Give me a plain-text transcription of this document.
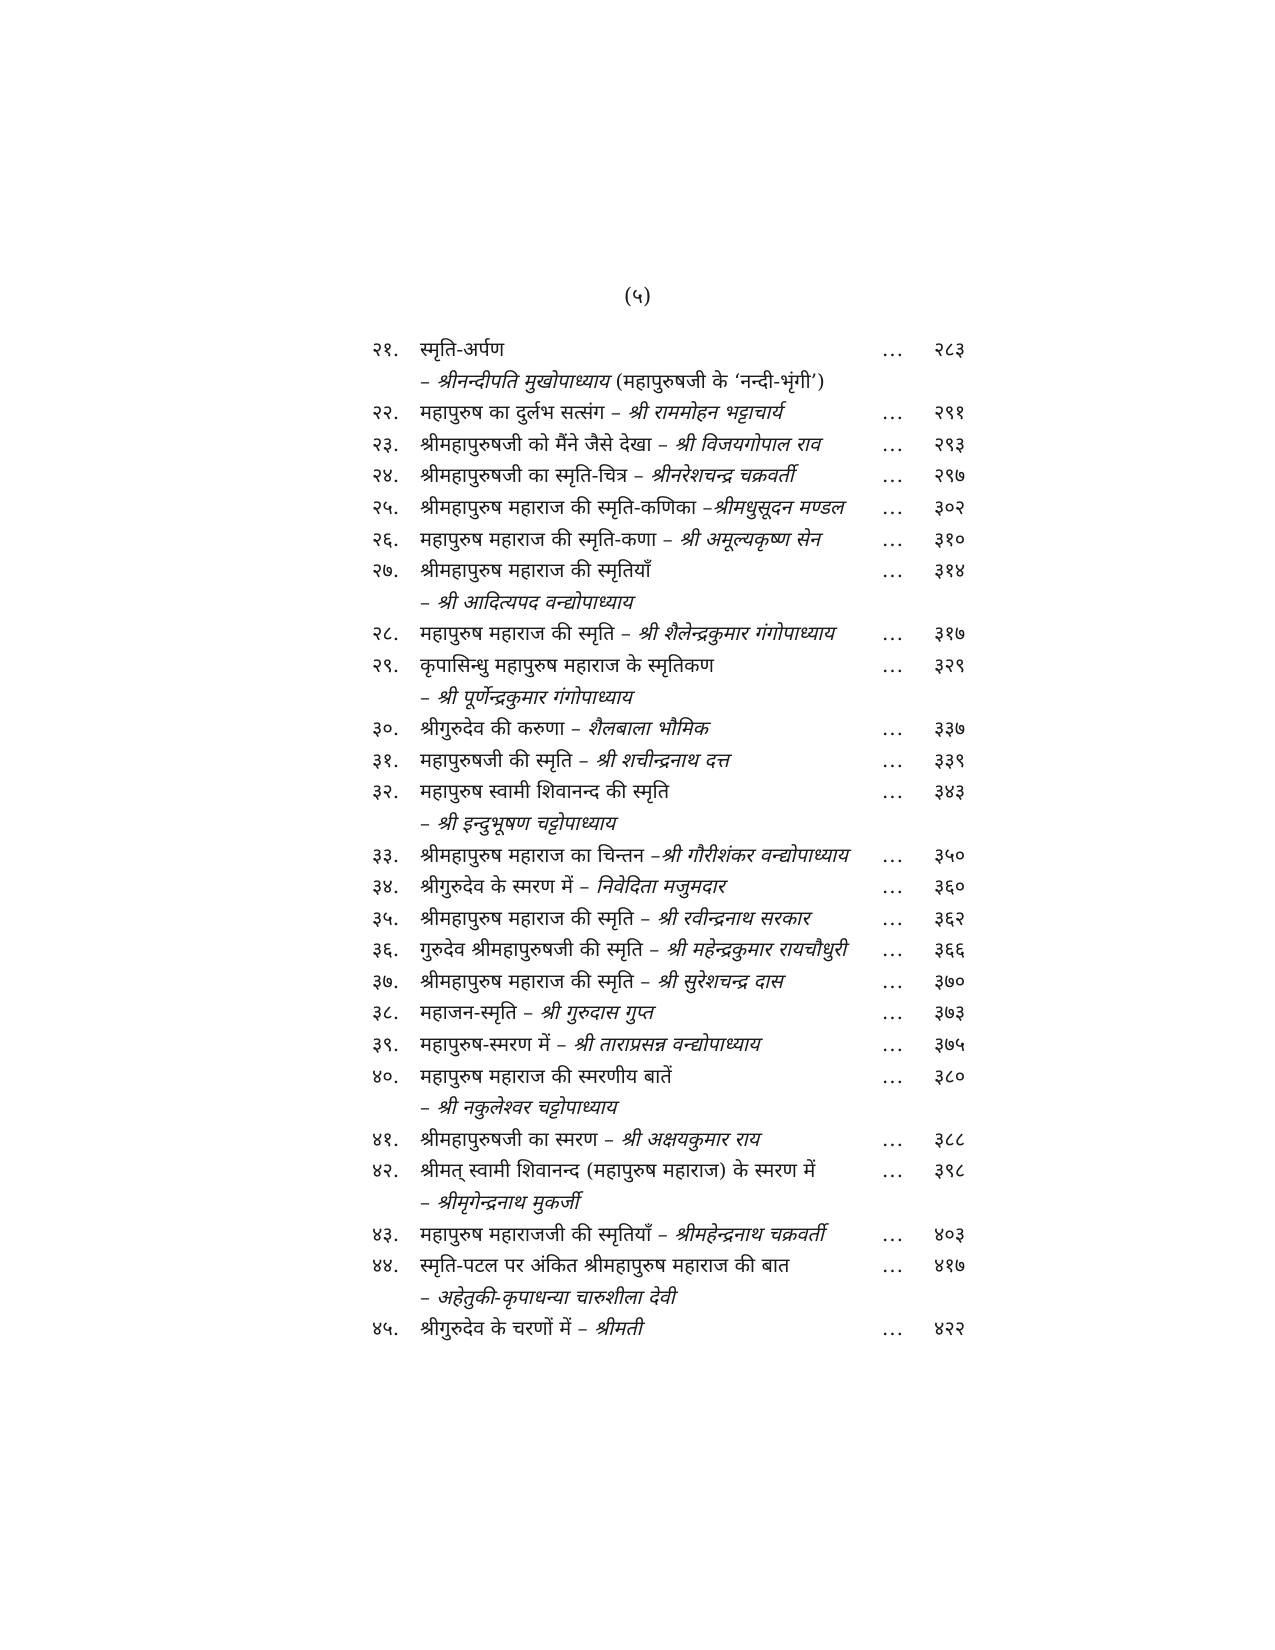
(५)
२१.	स्मृति-अर्पण	... २८३
– श्रीनन्दीपति मुखोपाध्याय (महापुरुषजी के ‘नन्दी-भृंगी’)
२२.	महापुरुष का दुर्लभ सत्संग – श्री राममोहन भट्टाचार्य	... २९१
२३.	श्रीमहापुरुषजी को मैंने जैसे देखा – श्री विजयगोपाल राव	... २९३
२४.	श्रीमहापुरुषजी का स्मृति-चित्र – श्रीनरेशचन्द्र चक्रवर्ती	... २९७
२५.	श्रीमहापुरुष महाराज की स्मृति-कणिका –श्रीमधुसूदन मण्डल	... ३०२
२६.	महापुरुष महाराज की स्मृति-कणा – श्री अमूल्यकृष्ण सेन	... ३१०
२७.	श्रीमहापुरुष महाराज की स्मृतियाँ	... ३१४
– श्री आदित्यपद वन्द्योपाध्याय
२८.	महापुरुष महाराज की स्मृति – श्री शैलेन्द्रकुमार गंगोपाध्याय	... ३१७
२९.	कृपासिन्धु महापुरुष महाराज के स्मृतिकण	... ३२९
– श्री पूर्णेन्द्रकुमार गंगोपाध्याय
३०.	श्रीगुरुदेव की करुणा – शैलबाला भौमिक	... ३३७
३१.	महापुरुषजी की स्मृति – श्री शचीन्द्रनाथ दत्त	... ३३९
३२.	महापुरुष स्वामी शिवानन्द की स्मृति	... ३४३
– श्री इन्दुभूषण चट्टोपाध्याय
३३.	श्रीमहापुरुष महाराज का चिन्तन –श्री गौरीशंकर वन्द्योपाध्याय	... ३५०
३४.	श्रीगुरुदेव के स्मरण में – निवेदिता मजुमदार	... ३६०
३५.	श्रीमहापुरुष महाराज की स्मृति – श्री रवीन्द्रनाथ सरकार	... ३६२
३६.	गुरुदेव श्रीमहापुरुषजी की स्मृति – श्री महेन्द्रकुमार रायचौधुरी	... ३६६
३७.	श्रीमहापुरुष महाराज की स्मृति – श्री सुरेशचन्द्र दास	... ३७०
३८.	महाजन-स्मृति – श्री गुरुदास गुप्त	... ३७३
३९.	महापुरुष-स्मरण में – श्री ताराप्रसन्न वन्द्योपाध्याय	... ३७५
४०.	महापुरुष महाराज की स्मरणीय बातें	... ३८०
– श्री नकुलेश्वर चट्टोपाध्याय
४१.	श्रीमहापुरुषजी का स्मरण – श्री अक्षयकुमार राय	... ३८८
४२.	श्रीमत् स्वामी शिवानन्द (महापुरुष महाराज) के स्मरण में	... ३९८
– श्रीमृगेन्द्रनाथ मुकर्जी
४३.	महापुरुष महाराजजी की स्मृतियाँ – श्रीमहेन्द्रनाथ चक्रवर्ती	... ४०३
४४.	स्मृति-पटल पर अंकित श्रीमहापुरुष महाराज की बात	... ४१७
– अहेतुकी-कृपाधन्या चारुशीला देवी
४५.	श्रीगुरुदेव के चरणों में – श्रीमती	... ४२२
